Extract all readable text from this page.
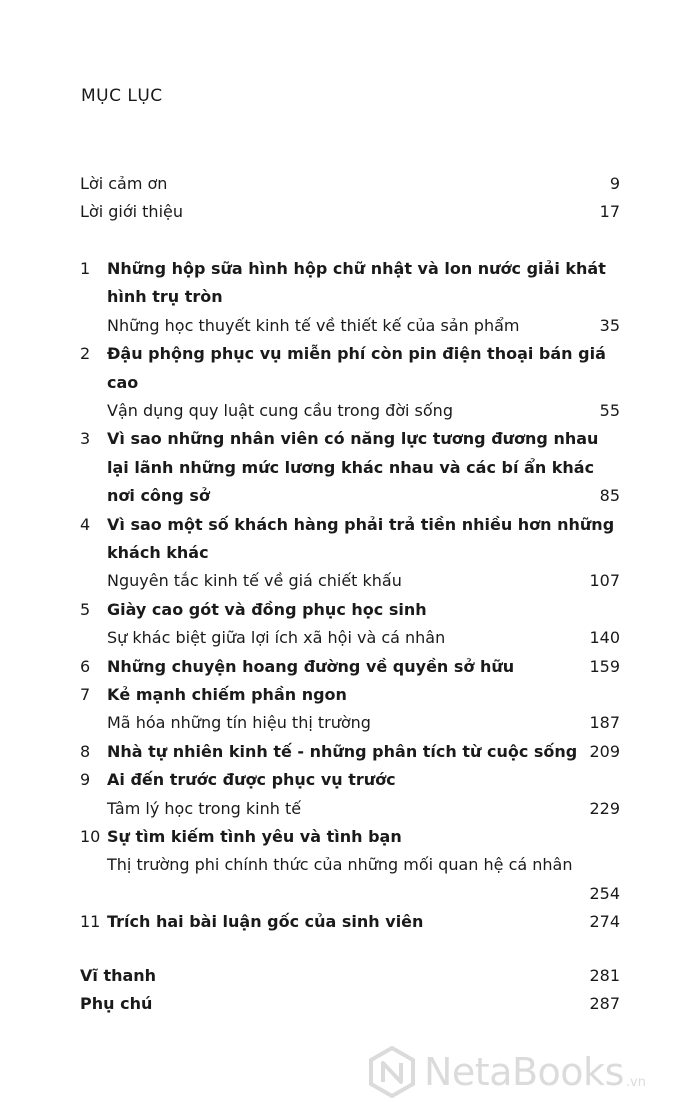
MỤC LỤC
Lời cảm ơn	9
Lời giới thiệu	17
1 Những hộp sữa hình hộp chữ nhật và lon nước giải khát
hình trụ tròn
Những học thuyết kinh tế về thiết kế của sản phẩm	35
2 Đậu phộng phục vụ miễn phí còn pin điện thoại bán giá
cao
Vận dụng quy luật cung cầu trong đời sống	55
3 Vì sao những nhân viên có năng lực tương đương nhau
lại lãnh những mức lương khác nhau và các bí ẩn khác
nơi công sở	85
4 Vì sao một số khách hàng phải trả tiền nhiều hơn những
khách khác
Nguyên tắc kinh tế về giá chiết khấu	107
5 Giày cao gót và đồng phục học sinh
Sự khác biệt giữa lợi ích xã hội và cá nhân	140
6 Những chuyện hoang đường về quyền sở hữu	159
7 Kẻ mạnh chiếm phần ngon
Mã hóa những tín hiệu thị trường	187
8 Nhà tự nhiên kinh tế - những phân tích từ cuộc sống 209
9 Ai đến trước được phục vụ trước
Tâm lý học trong kinh tế	229
10 Sự tìm kiếm tình yêu và tình bạn
Thị trường phi chính thức của những mối quan hệ cá nhân
254
11 Trích hai bài luận gốc của sinh viên	274
Vĩ thanh	281
Phụ chú	287
NetaBooks .vn
